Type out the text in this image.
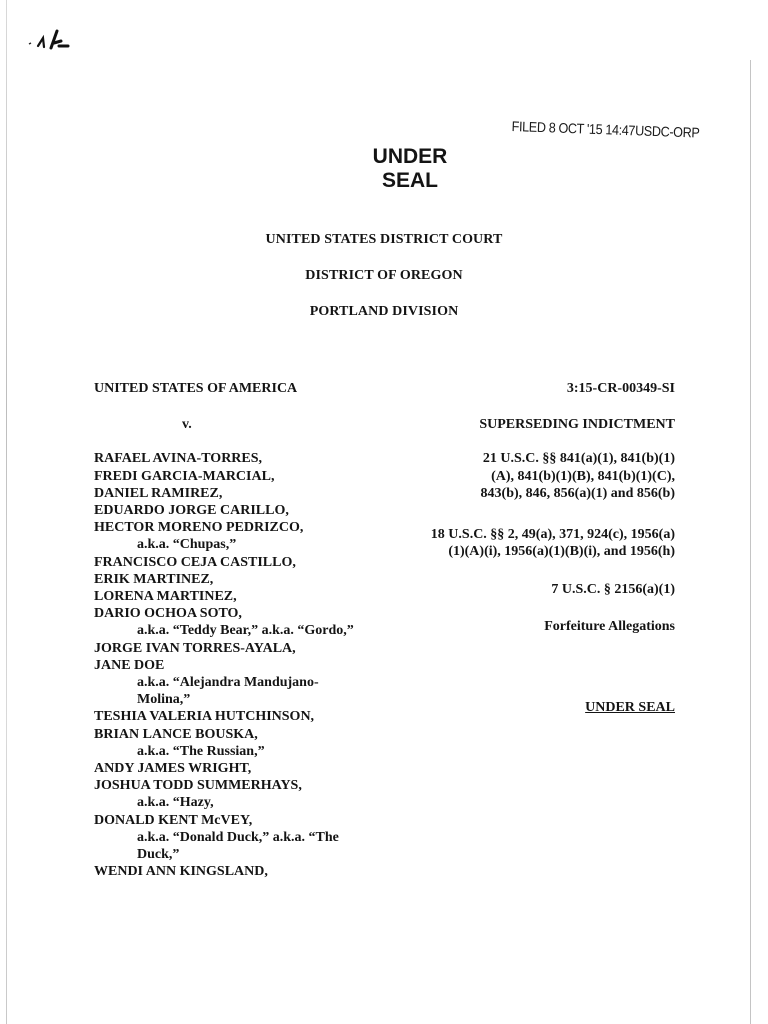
FILED 8 OCT '15 14:47USDC-ORP
UNDER
SEAL
UNITED STATES DISTRICT COURT
DISTRICT OF OREGON
PORTLAND DIVISION
UNITED STATES OF AMERICA
v.
RAFAEL AVINA-TORRES,
FREDI GARCIA-MARCIAL,
DANIEL RAMIREZ,
EDUARDO JORGE CARILLO,
HECTOR MORENO PEDRIZCO,
a.k.a. “Chupas,”
FRANCISCO CEJA CASTILLO,
ERIK MARTINEZ,
LORENA MARTINEZ,
DARIO OCHOA SOTO,
a.k.a. “Teddy Bear,” a.k.a. “Gordo,”
JORGE IVAN TORRES-AYALA,
JANE DOE
a.k.a. “Alejandra Mandujano-Molina,”
TESHIA VALERIA HUTCHINSON,
BRIAN LANCE BOUSKA,
a.k.a. “The Russian,”
ANDY JAMES WRIGHT,
JOSHUA TODD SUMMERHAYS,
a.k.a. “Hazy,
DONALD KENT McVEY,
a.k.a. “Donald Duck,” a.k.a. “The Duck,”
WENDI ANN KINGSLAND,
3:15-CR-00349-SI
SUPERSEDING INDICTMENT
21 U.S.C. §§ 841(a)(1), 841(b)(1)(A), 841(b)(1)(B), 841(b)(1)(C), 843(b), 846, 856(a)(1) and 856(b)
18 U.S.C. §§ 2, 49(a), 371, 924(c), 1956(a)(1)(A)(i), 1956(a)(1)(B)(i), and 1956(h)
7 U.S.C. § 2156(a)(1)
Forfeiture Allegations
UNDER SEAL
